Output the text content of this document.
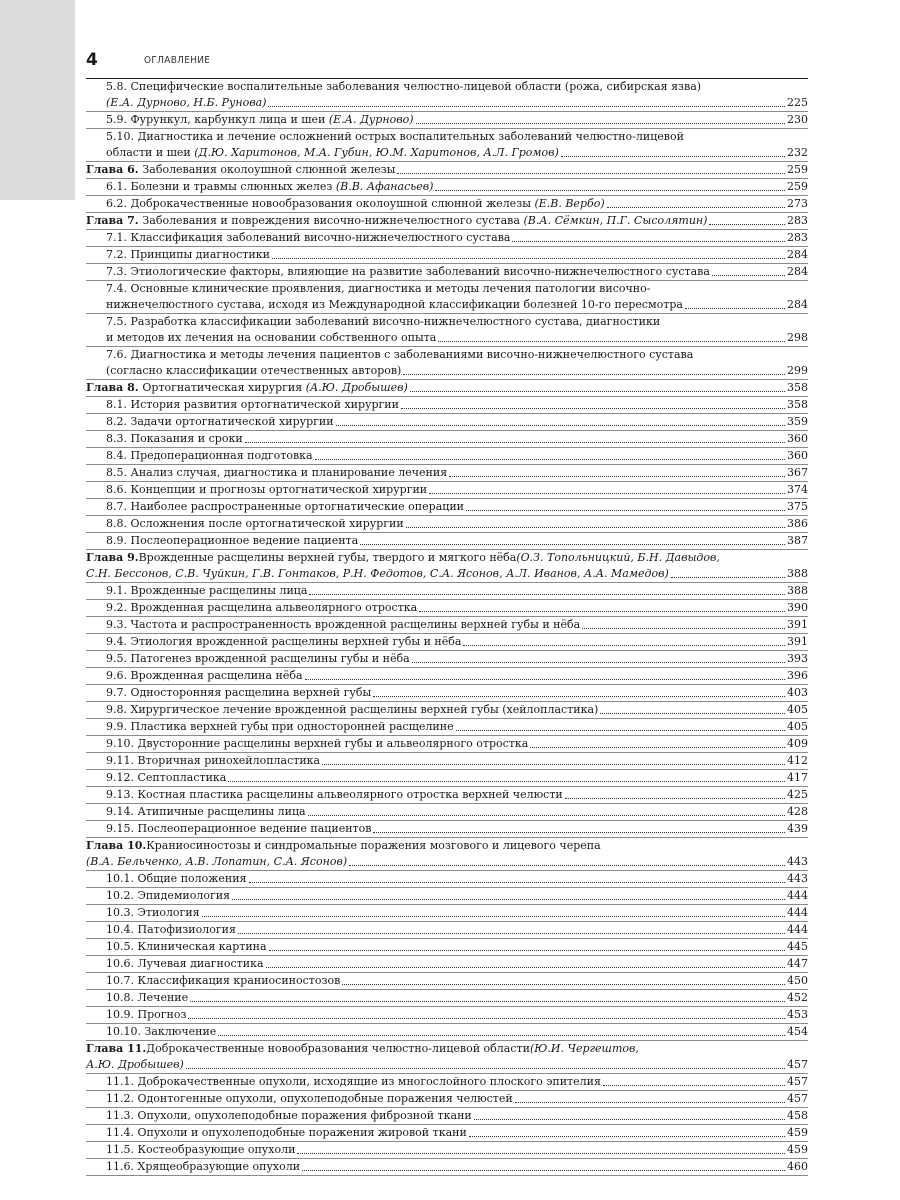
4	ОГЛАВЛЕНИЕ
5.8. Специфические воспалительные заболевания челюстно-лицевой области (рожа, сибирская язва)
(Е.А. Дурново, Н.Б. Рунова)	225
5.9. Фурункул, карбункул лица и шеи (Е.А. Дурново)	230
5.10. Диагностика и лечение осложнений острых воспалительных заболеваний челюстно-лицевой
области и шеи (Д.Ю. Харитонов, М.А. Губин, Ю.М. Харитонов, А.Л. Громов)	232
Глава 6. Заболевания околоушной слюнной железы	259
6.1. Болезни и травмы слюнных желез (В.В. Афанасьев)	259
6.2. Доброкачественные новообразования околоушной слюнной железы (Е.В. Вербо)	273
Глава 7. Заболевания и повреждения височно-нижнечелюстного сустава (В.А. Сёмкин, П.Г. Сысолятин)	283
7.1. Классификация заболеваний височно-нижнечелюстного сустава	283
7.2. Принципы диагностики	284
7.3. Этиологические факторы, влияющие на развитие заболеваний височно-нижнечелюстного сустава	284
7.4. Основные клинические проявления, диагностика и методы лечения патологии височно-
нижнечелюстного сустава, исходя из Международной классификации болезней 10-го пересмотра	284
7.5. Разработка классификации заболеваний височно-нижнечелюстного сустава, диагностики
и методов их лечения на основании собственного опыта	298
7.6. Диагностика и методы лечения пациентов с заболеваниями височно-нижнечелюстного сустава
(согласно классификации отечественных авторов)	299
Глава 8. Ортогнатическая хирургия (А.Ю. Дробышев)	358
8.1. История развития ортогнатической хирургии	358
8.2. Задачи ортогнатической хирургии	359
8.3. Показания и сроки	360
8.4. Предоперационная подготовка	360
8.5. Анализ случая, диагностика и планирование лечения	367
8.6. Концепции и прогнозы ортогнатической хирургии	374
8.7. Наиболее распространенные ортогнатические операции	375
8.8. Осложнения после ортогнатической хирургии	386
8.9. Послеоперационное ведение пациента	387
Глава 9. Врожденные расщелины верхней губы, твердого и мягкого нёба (О.З. Топольницкий, Б.Н. Давыдов,
С.Н. Бессонов, С.В. Чуйкин, Г.В. Гонтаков, Р.Н. Федотов, С.А. Ясонов, А.Л. Иванов, А.А. Мамедов)	388
9.1. Врожденные расщелины лица	388
9.2. Врожденная расщелина альвеолярного отростка	390
9.3. Частота и распространенность врожденной расщелины верхней губы и нёба	391
9.4. Этиология врожденной расщелины верхней губы и нёба	391
9.5. Патогенез врожденной расщелины губы и нёба	393
9.6. Врожденная расщелина нёба	396
9.7. Односторонняя расщелина верхней губы	403
9.8. Хирургическое лечение врожденной расщелины верхней губы (хейлопластика)	405
9.9. Пластика верхней губы при односторонней расщелине	405
9.10. Двусторонние расщелины верхней губы и альвеолярного отростка	409
9.11. Вторичная ринохейлопластика	412
9.12. Септопластика	417
9.13. Костная пластика расщелины альвеолярного отростка верхней челюсти	425
9.14. Атипичные расщелины лица	428
9.15. Послеоперационное ведение пациентов	439
Глава 10. Краниосиностозы и синдромальные поражения мозгового и лицевого черепа
(В.А. Бельченко, А.В. Лопатин, С.А. Ясонов)	443
10.1. Общие положения	443
10.2. Эпидемиология	444
10.3. Этиология	444
10.4. Патофизиология	444
10.5. Клиническая картина	445
10.6. Лучевая диагностика	447
10.7. Классификация краниосиностозов	450
10.8. Лечение	452
10.9. Прогноз	453
10.10. Заключение	454
Глава 11. Доброкачественные новообразования челюстно-лицевой области (Ю.И. Чергештов,
А.Ю. Дробышев)	457
11.1. Доброкачественные опухоли, исходящие из многослойного плоского эпителия	457
11.2. Одонтогенные опухоли, опухолеподобные поражения челюстей	457
11.3. Опухоли, опухолеподобные поражения фиброзной ткани	458
11.4. Опухоли и опухолеподобные поражения жировой ткани	459
11.5. Костеобразующие опухоли	459
11.6. Хрящеобразующие опухоли	460
